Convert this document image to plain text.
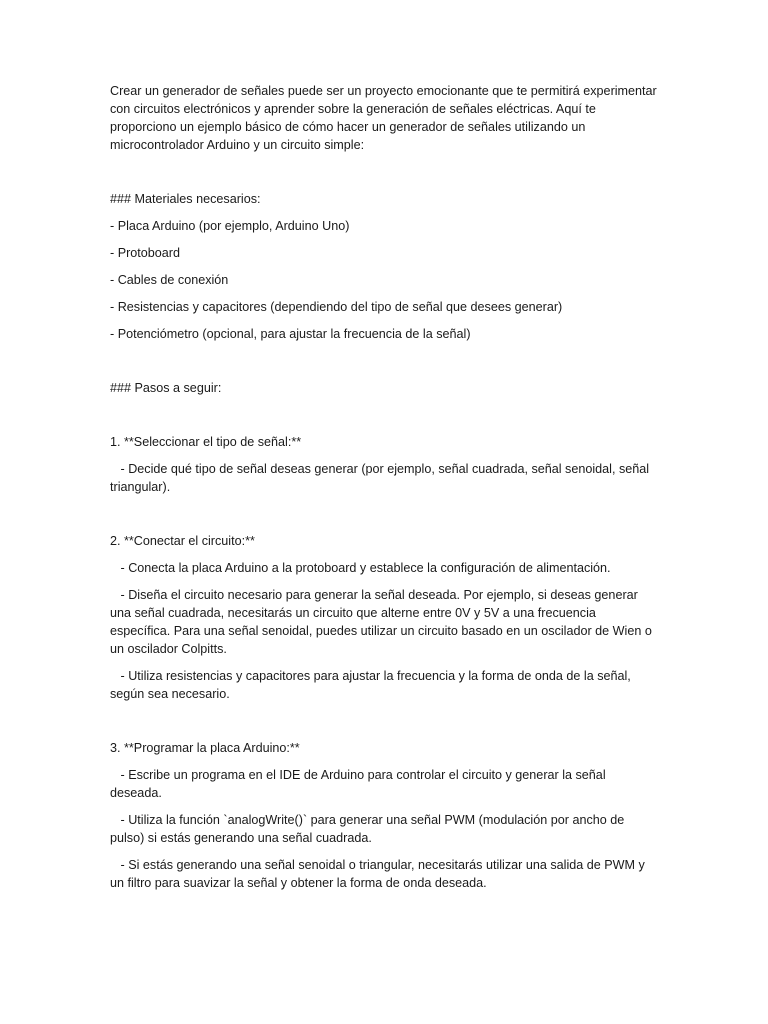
Crear un generador de señales puede ser un proyecto emocionante que te permitirá experimentar con circuitos electrónicos y aprender sobre la generación de señales eléctricas. Aquí te proporciono un ejemplo básico de cómo hacer un generador de señales utilizando un microcontrolador Arduino y un circuito simple:

### Materiales necesarios:

- Placa Arduino (por ejemplo, Arduino Uno)

- Protoboard

- Cables de conexión

- Resistencias y capacitores (dependiendo del tipo de señal que desees generar)

- Potenciómetro (opcional, para ajustar la frecuencia de la señal)

### Pasos a seguir:

1. **Seleccionar el tipo de señal:**

- Decide qué tipo de señal deseas generar (por ejemplo, señal cuadrada, señal senoidal, señal triangular).

2. **Conectar el circuito:**

- Conecta la placa Arduino a la protoboard y establece la configuración de alimentación.

- Diseña el circuito necesario para generar la señal deseada. Por ejemplo, si deseas generar una señal cuadrada, necesitarás un circuito que alterne entre 0V y 5V a una frecuencia específica. Para una señal senoidal, puedes utilizar un circuito basado en un oscilador de Wien o un oscilador Colpitts.

- Utiliza resistencias y capacitores para ajustar la frecuencia y la forma de onda de la señal, según sea necesario.

3. **Programar la placa Arduino:**

- Escribe un programa en el IDE de Arduino para controlar el circuito y generar la señal deseada.

- Utiliza la función `analogWrite()` para generar una señal PWM (modulación por ancho de pulso) si estás generando una señal cuadrada.

- Si estás generando una señal senoidal o triangular, necesitarás utilizar una salida de PWM y un filtro para suavizar la señal y obtener la forma de onda deseada.
